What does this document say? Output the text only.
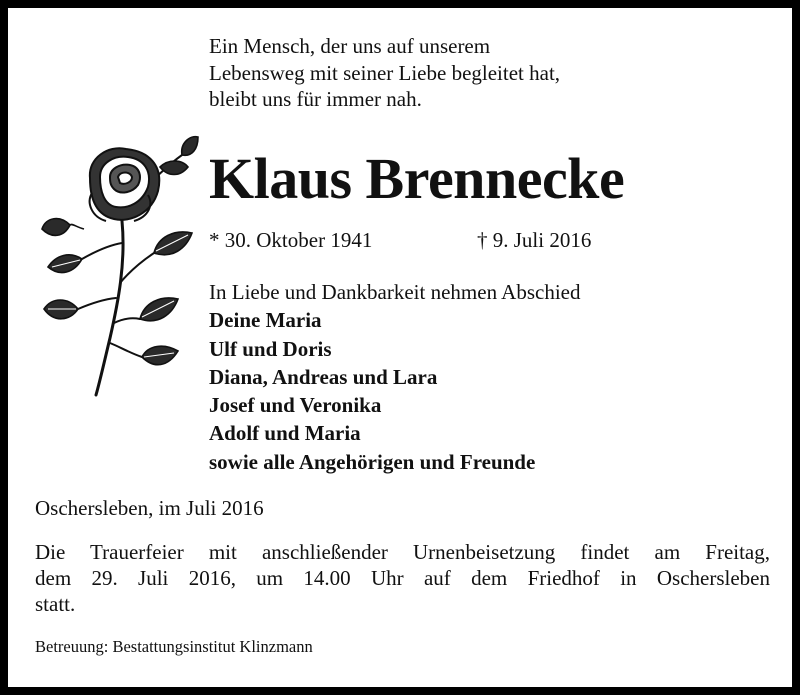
Ein Mensch, der uns auf unserem
Lebensweg mit seiner Liebe begleitet hat,
bleibt uns für immer nah.
Klaus Brennecke
* 30. Oktober 1941	† 9. Juli 2016
In Liebe und Dankbarkeit nehmen Abschied
Deine Maria
Ulf und Doris
Diana, Andreas und Lara
Josef und Veronika
Adolf und Maria
sowie alle Angehörigen und Freunde
Oschersleben, im Juli 2016
Die Trauerfeier mit anschließender Urnenbeisetzung findet am Freitag,
dem 29. Juli 2016, um 14.00 Uhr auf dem Friedhof in Oschersleben
statt.
Betreuung: Bestattungsinstitut Klinzmann
